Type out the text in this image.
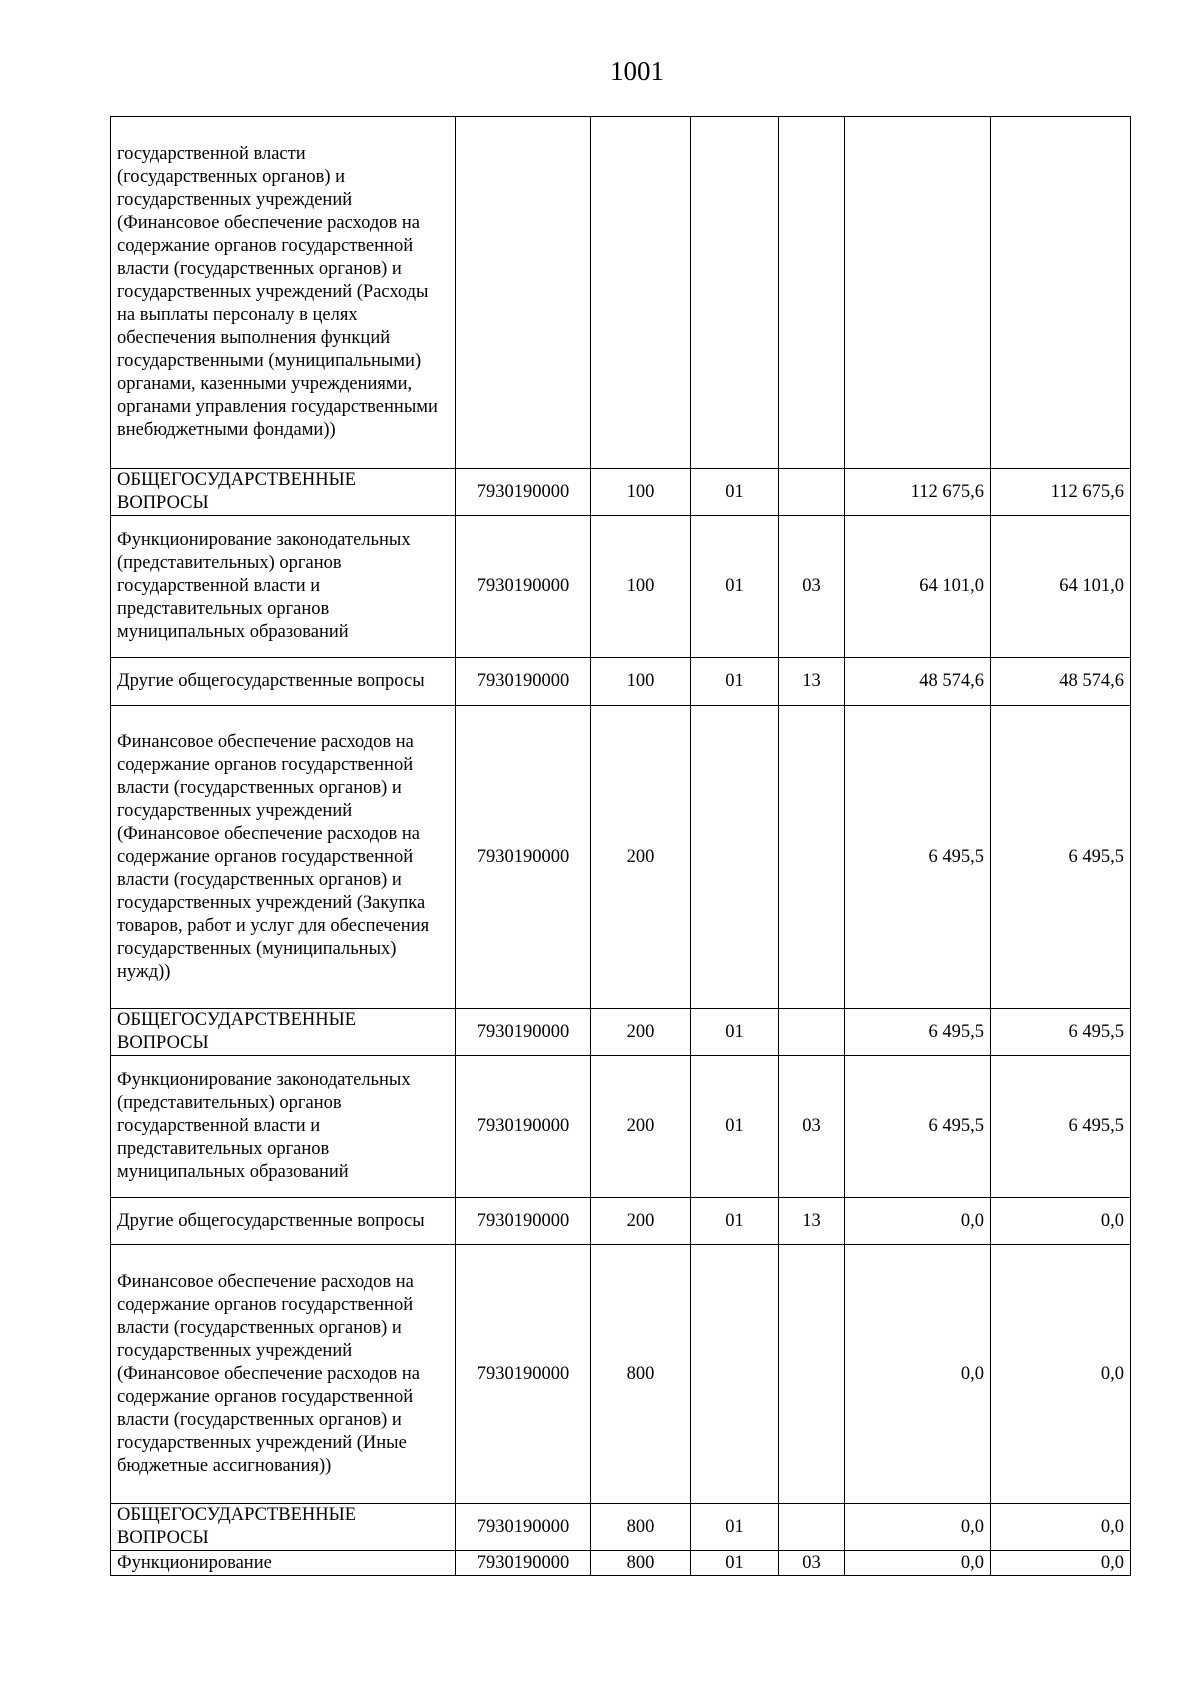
1001
государственной власти (государственных органов) и государственных учреждений (Финансовое обеспечение расходов на содержание органов государственной власти (государственных органов) и государственных учреждений (Расходы на выплаты персоналу в целях обеспечения выполнения функций государственными (муниципальными) органами, казенными учреждениями, органами управления государственными внебюджетными фондами))						
ОБЩЕГОСУДАРСТВЕННЫЕ ВОПРОСЫ	7930190000	100	01		112 675,6	112 675,6
Функционирование законодательных (представительных) органов государственной власти и представительных органов муниципальных образований	7930190000	100	01	03	64 101,0	64 101,0
Другие общегосударственные вопросы	7930190000	100	01	13	48 574,6	48 574,6
Финансовое обеспечение расходов на содержание органов государственной власти (государственных органов) и государственных учреждений (Финансовое обеспечение расходов на содержание органов государственной власти (государственных органов) и государственных учреждений (Закупка товаров, работ и услуг для обеспечения государственных (муниципальных) нужд))	7930190000	200			6 495,5	6 495,5
ОБЩЕГОСУДАРСТВЕННЫЕ ВОПРОСЫ	7930190000	200	01		6 495,5	6 495,5
Функционирование законодательных (представительных) органов государственной власти и представительных органов муниципальных образований	7930190000	200	01	03	6 495,5	6 495,5
Другие общегосударственные вопросы	7930190000	200	01	13	0,0	0,0
Финансовое обеспечение расходов на содержание органов государственной власти (государственных органов) и государственных учреждений (Финансовое обеспечение расходов на содержание органов государственной власти (государственных органов) и государственных учреждений (Иные бюджетные ассигнования))	7930190000	800			0,0	0,0
ОБЩЕГОСУДАРСТВЕННЫЕ ВОПРОСЫ	7930190000	800	01		0,0	0,0
Функционирование	7930190000	800	01	03	0,0	0,0
